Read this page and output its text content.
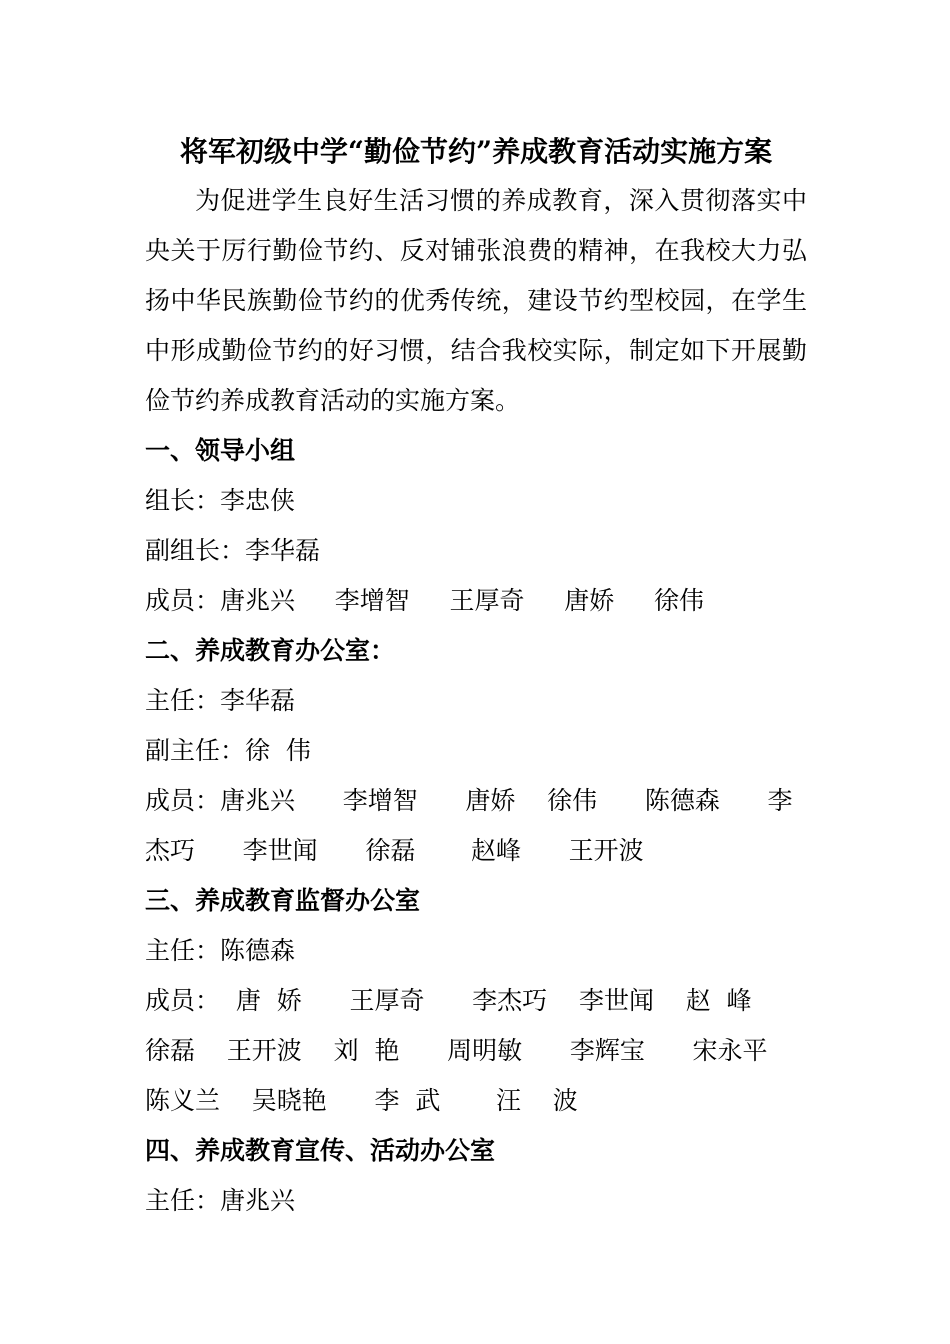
将军初级中学“勤俭节约”养成教育活动实施方案

为促进学生良好生活习惯的养成教育，深入贯彻落实中央关于厉行勤俭节约、反对铺张浪费的精神，在我校大力弘扬中华民族勤俭节约的优秀传统，建设节约型校园，在学生中形成勤俭节约的好习惯，结合我校实际，制定如下开展勤俭节约养成教育活动的实施方案。

一、领导小组

组长：李忠侠

副组长：李华磊

成员：唐兆兴     李增智     王厚奇     唐娇     徐伟

二、养成教育办公室：

主任：李华磊

副主任：徐  伟

成员：唐兆兴      李增智      唐娇    徐伟      陈德森      李杰巧      李世闻      徐磊       赵峰      王开波

三、养成教育监督办公室

主任：陈德森

成员：  唐  娇      王厚奇      李杰巧    李世闻    赵  峰    徐磊    王开波    刘  艳      周明敏      李辉宝      宋永平      陈义兰    吴晓艳      李  武       汪    波

四、养成教育宣传、活动办公室

主任：唐兆兴
